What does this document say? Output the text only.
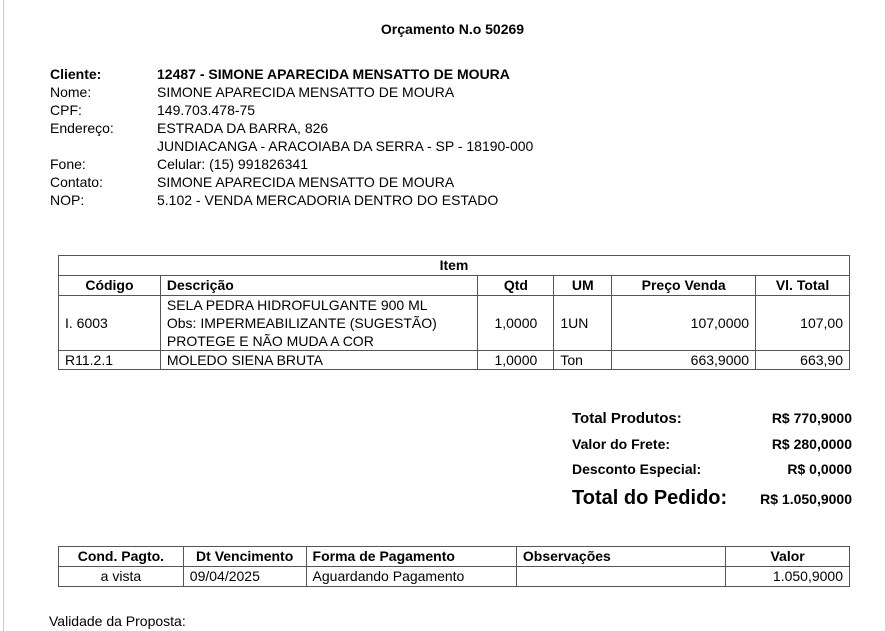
Orçamento N.o 50269
Cliente:	12487 - SIMONE APARECIDA MENSATTO DE MOURA
Nome:	SIMONE APARECIDA MENSATTO DE MOURA
CPF:	149.703.478-75
Endereço:	ESTRADA DA BARRA, 826
JUNDIACANGA - ARACOIABA DA SERRA - SP - 18190-000
Fone:	Celular: (15) 991826341
Contato:	SIMONE APARECIDA MENSATTO DE MOURA
NOP:	5.102 - VENDA MERCADORIA DENTRO DO ESTADO
Item					
Código	Descrição	Qtd	UM	Preço Venda	Vl. Total
I. 6003	SELA PEDRA HIDROFULGANTE 900 ML
Obs: IMPERMEABILIZANTE (SUGESTÃO)
PROTEGE E NÃO MUDA A COR	1,0000	1UN	107,0000	107,00
R11.2.1	MOLEDO SIENA BRUTA	1,0000	Ton	663,9000	663,90
Total Produtos:	R$ 770,9000
Valor do Frete:	R$ 280,0000
Desconto Especial:	R$ 0,0000
Total do Pedido: R$ 1.050,9000
Cond. Pagto.	Dt Vencimento	Forma de Pagamento	Observações	Valor
a vista	09/04/2025	Aguardando Pagamento		1.050,9000
Validade da Proposta:
